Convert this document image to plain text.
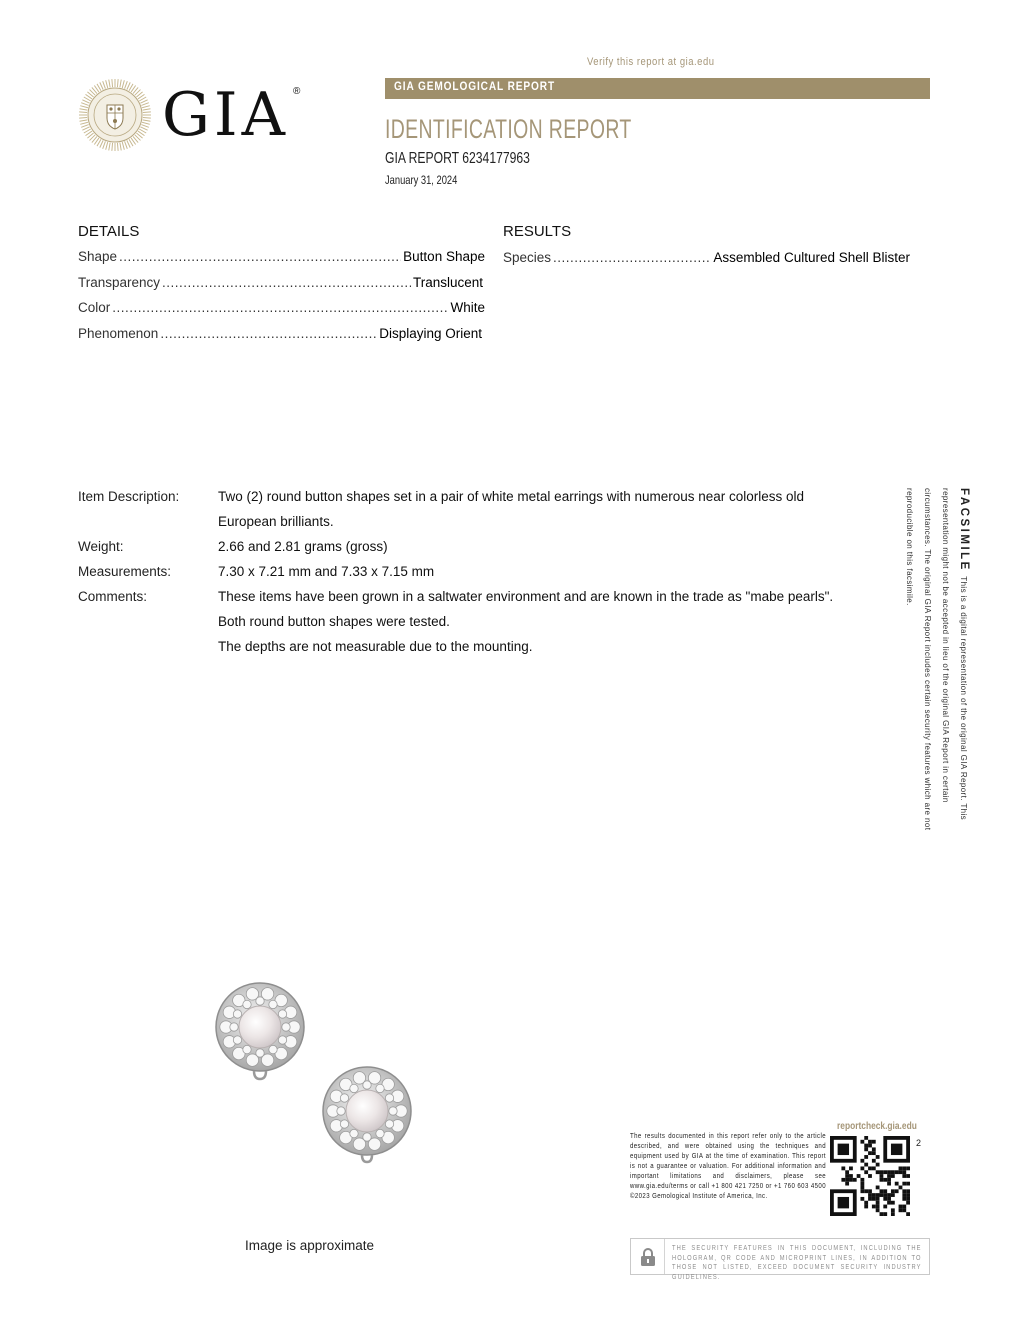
Verify this report at gia.edu
GIA ®	GIA GEMOLOGICAL REPORT
IDENTIFICATION REPORT
GIA REPORT 6234177963
January 31, 2024
DETAILS	RESULTS
Shape .....	Button Shape
Transparency .....	Translucent
Color .....	White
Phenomenon .....	Displaying Orient
Species .....	Assembled Cultured Shell Blister
Item Description:	Two (2) round button shapes set in a pair of white metal earrings with numerous near colorless old
European brilliants.
Weight:	2.66 and 2.81 grams (gross)
Measurements:	7.30 x 7.21 mm and 7.33 x 7.15 mm
Comments:	These items have been grown in a saltwater environment and are known in the trade as "mabe pearls".
Both round button shapes were tested.
The depths are not measurable due to the mounting.
FACSIMILE This is a digital representation of the original GIA Report. This representation might not be accepted in lieu of the original GIA Report in certain circumstances. The original GIA Report includes certain security features which are not reproducible on this facsimile.
Image is approximate
reportcheck.gia.edu
The results documented in this report refer only to the article described, and were obtained using the techniques and equipment used by GIA at the time of examination. This report is not a guarantee or valuation. For additional information and important limitations and disclaimers, please see www.gia.edu/terms or call +1 800 421 7250 or +1 760 603 4500 ©2023 Gemological Institute of America, Inc.
2
THE SECURITY FEATURES IN THIS DOCUMENT, INCLUDING THE HOLOGRAM, QR CODE AND MICROPRINT LINES, IN ADDITION TO THOSE NOT LISTED, EXCEED DOCUMENT SECURITY INDUSTRY GUIDELINES.
